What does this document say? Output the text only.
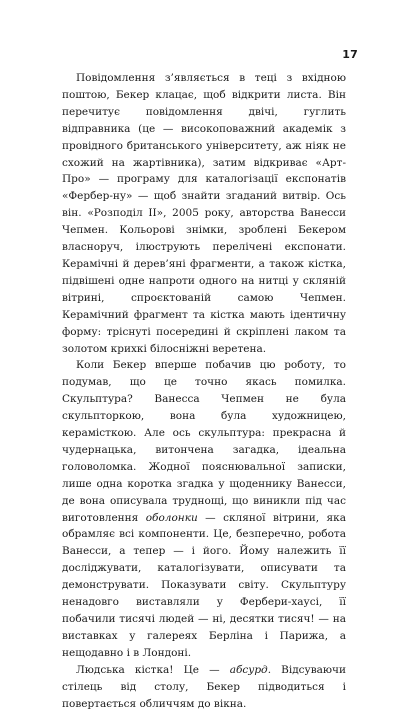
17

Повідомлення з’являється в теці з вхідною поштою, Бекер клацає, щоб відкрити листа. Він перечитує повідомлення двічі, гуглить відправника (це — високоповажний академік з провідного британського університету, аж ніяк не схожий на жартівника), затим відкриває «Арт-Про» — програму для каталогізації експонатів «Фербер-ну» — щоб знайти згаданий витвір. Ось він. «Розподіл ІІ», 2005 року, авторства Ванесси Чепмен. Кольорові знімки, зроблені Бекером власноруч, ілюструють перелічені експонати. Керамічні й дерев’яні фрагменти, а також кістка, підвішені одне напроти одного на нитці у скляній вітрині, спроєктованій самою Чепмен. Керамічний фрагмент та кістка мають ідентичну форму: тріснуті посередині й скріплені лаком та золотом крихкі білосніжні веретена.

Коли Бекер вперше побачив цю роботу, то подумав, що це точно якась помилка. Скульптура? Ванесса Чепмен не була скульпторкою, вона була художницею, керамісткою. Але ось скульптура: прекрасна й чудернацька, витончена загадка, ідеальна головоломка. Жодної пояснювальної записки, лише одна коротка згадка у щоденнику Ванесси, де вона описувала труднощі, що виникли під час виготовлення оболонки — скляної вітрини, яка обрамляє всі компоненти. Це, безперечно, робота Ванесси, а тепер — і його. Йому належить її досліджувати, каталогізувати, описувати та демонструвати. Показувати світу. Скульптуру ненадовго виставляли у Фербери-хаусі, її побачили тисячі людей — ні, десятки тисяч! — на виставках у галереях Берліна і Парижа, а нещодавно і в Лондоні.

Людська кістка! Це — абсурд. Відсуваючи стілець від столу, Бекер підводиться і повертається обличчям до вікна.
